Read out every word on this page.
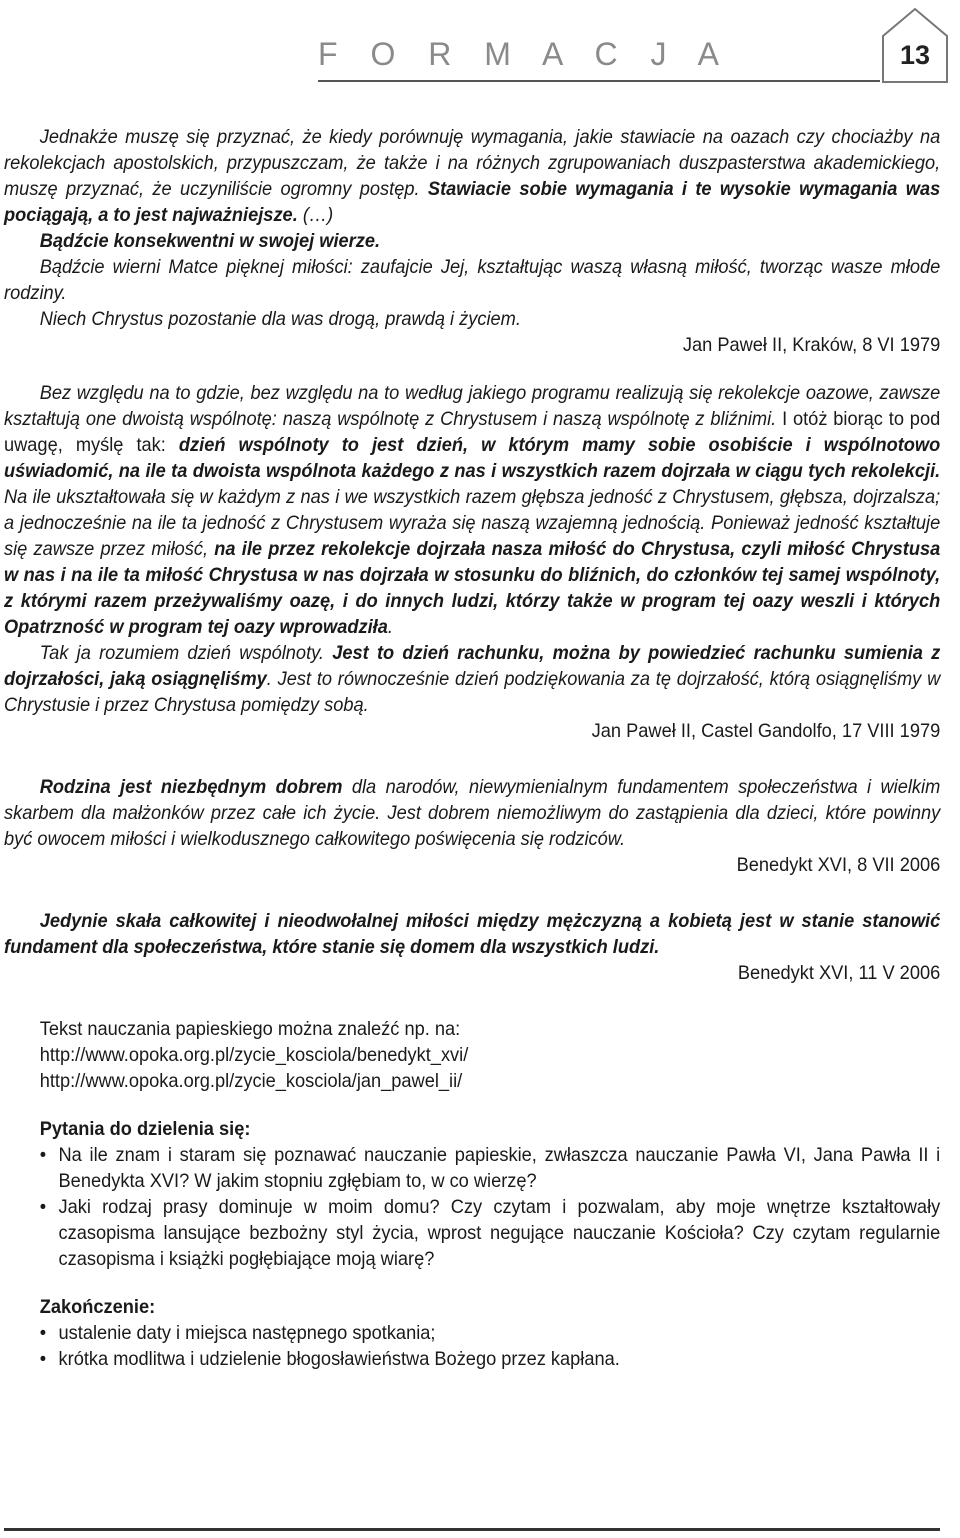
F O R M A C J A	13

Jednakże muszę się przyznać, że kiedy porównuję wymagania, jakie stawiacie na oazach czy chociażby na rekolekcjach apostolskich, przypuszczam, że także i na różnych zgrupowaniach duszpasterstwa akademickiego, muszę przyznać, że uczyniliście ogromny postęp. Stawiacie sobie wymagania i te wysokie wymagania was pociągają, a to jest najważniejsze. (…)
Bądźcie konsekwentni w swojej wierze.

Bądźcie wierni Matce pięknej miłości: zaufajcie Jej, kształtując waszą własną miłość, tworząc wasze młode rodziny.

Niech Chrystus pozostanie dla was drogą, prawdą i życiem.

Jan Paweł II, Kraków, 8 VI 1979

Bez względu na to gdzie, bez względu na to według jakiego programu realizują się rekolekcje oazowe, zawsze kształtują one dwoistą wspólnotę: naszą wspólnotę z Chrystusem i naszą wspólnotę z bliźnimi. I otóż biorąc to pod uwagę, myślę tak: dzień wspólnoty to jest dzień, w którym mamy sobie osobiście i wspólnotowo uświadomić, na ile ta dwoista wspólnota każdego z nas i wszystkich razem dojrzała w ciągu tych rekolekcji. Na ile ukształtowała się w każdym z nas i we wszystkich razem głębsza jedność z Chrystusem, głębsza, dojrzalsza; a jednocześnie na ile ta jedność z Chrystusem wyraża się naszą wzajemną jednością. Ponieważ jedność kształtuje się zawsze przez miłość, na ile przez rekolekcje dojrzała nasza miłość do Chrystusa, czyli miłość Chrystusa w nas i na ile ta miłość Chrystusa w nas dojrzała w stosunku do bliźnich, do członków tej samej wspólnoty, z którymi razem przeżywaliśmy oazę, i do innych ludzi, którzy także w program tej oazy weszli i których Opatrzność w program tej oazy wprowadziła.

Tak ja rozumiem dzień wspólnoty. Jest to dzień rachunku, można by powiedzieć rachunku sumienia z dojrzałości, jaką osiągnęliśmy. Jest to równocześnie dzień podziękowania za tę dojrzałość, którą osiągnęliśmy w Chrystusie i przez Chrystusa pomiędzy sobą.

Jan Paweł II, Castel Gandolfo, 17 VIII 1979

Rodzina jest niezbędnym dobrem dla narodów, niewymienialnym fundamentem społeczeństwa i wielkim skarbem dla małżonków przez całe ich życie. Jest dobrem niemożliwym do zastąpienia dla dzieci, które powinny być owocem miłości i wielkodusznego całkowitego poświęcenia się rodziców.

Benedykt XVI, 8 VII 2006

Jedynie skała całkowitej i nieodwołalnej miłości między mężczyzną a kobietą jest w stanie stanowić fundament dla społeczeństwa, które stanie się domem dla wszystkich ludzi.

Benedykt XVI, 11 V 2006

Tekst nauczania papieskiego można znaleźć np. na:

http://www.opoka.org.pl/zycie_kosciola/benedykt_xvi/

http://www.opoka.org.pl/zycie_kosciola/jan_pawel_ii/

Pytania do dzielenia się:

• Na ile znam i staram się poznawać nauczanie papieskie, zwłaszcza nauczanie Pawła VI, Jana Pawła II i Benedykta XVI? W jakim stopniu zgłębiam to, w co wierzę?
• Jaki rodzaj prasy dominuje w moim domu? Czy czytam i pozwalam, aby moje wnętrze kształtowały czasopisma lansujące bezbożny styl życia, wprost negujące nauczanie Kościoła? Czy czytam regularnie czasopisma i książki pogłębiające moją wiarę?

Zakończenie:

• ustalenie daty i miejsca następnego spotkania;
• krótka modlitwa i udzielenie błogosławieństwa Bożego przez kapłana.
